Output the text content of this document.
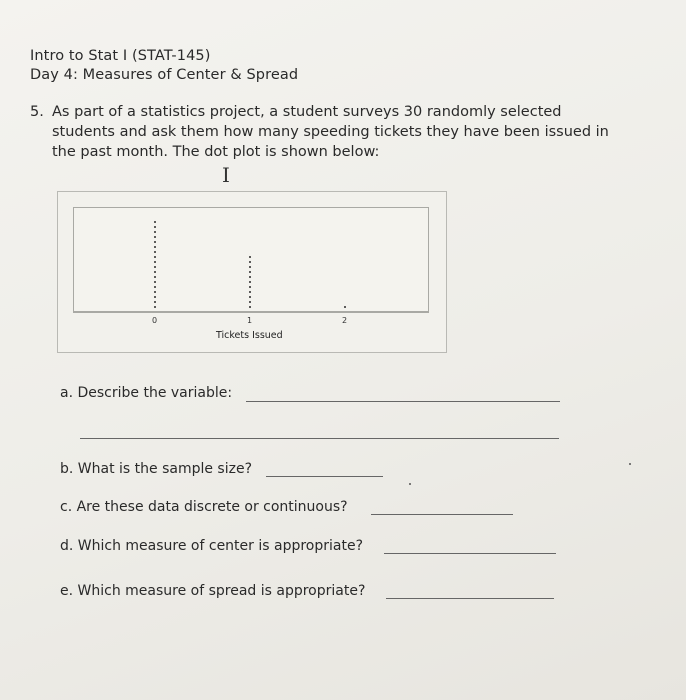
Intro to Stat I (STAT-145)
Day 4: Measures of Center & Spread
5. As part of a statistics project, a student surveys 30 randomly selected students and ask them how many speeding tickets they have been issued in the past month. The dot plot is shown below:
I
0	1	2
Tickets Issued
a. Describe the variable:
b. What is the sample size?
c. Are these data discrete or continuous?
d. Which measure of center is appropriate?
e. Which measure of spread is appropriate?
